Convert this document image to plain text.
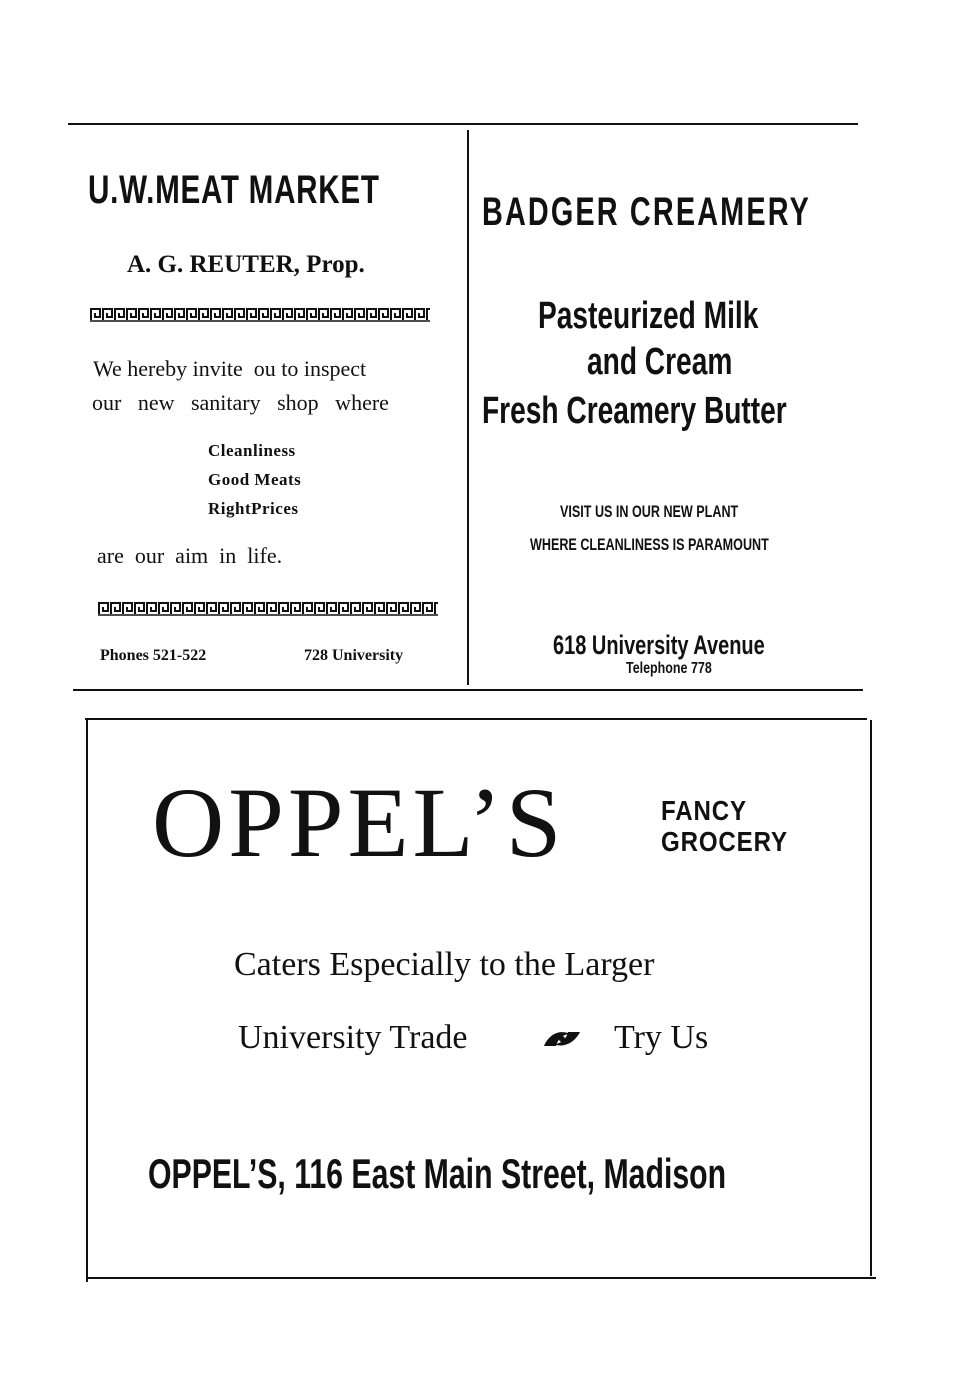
U.W.MEAT MARKET
A. G. REUTER, Prop.
We hereby invite  ou to inspect
our   new   sanitary   shop   where
Cleanliness
Good Meats
RightPrices
are  our  aim  in  life.
Phones 521-522	728 University
BADGER CREAMERY
Pasteurized Milk
and Cream
Fresh Creamery Butter
VISIT US IN OUR NEW PLANT
WHERE CLEANLINESS IS PARAMOUNT
618 University Avenue
Telephone 778
OPPEL’S	FANCY
GROCERY
Caters Especially to the Larger
University Trade	Try Us
OPPEL’S, 116 East Main Street, Madison
